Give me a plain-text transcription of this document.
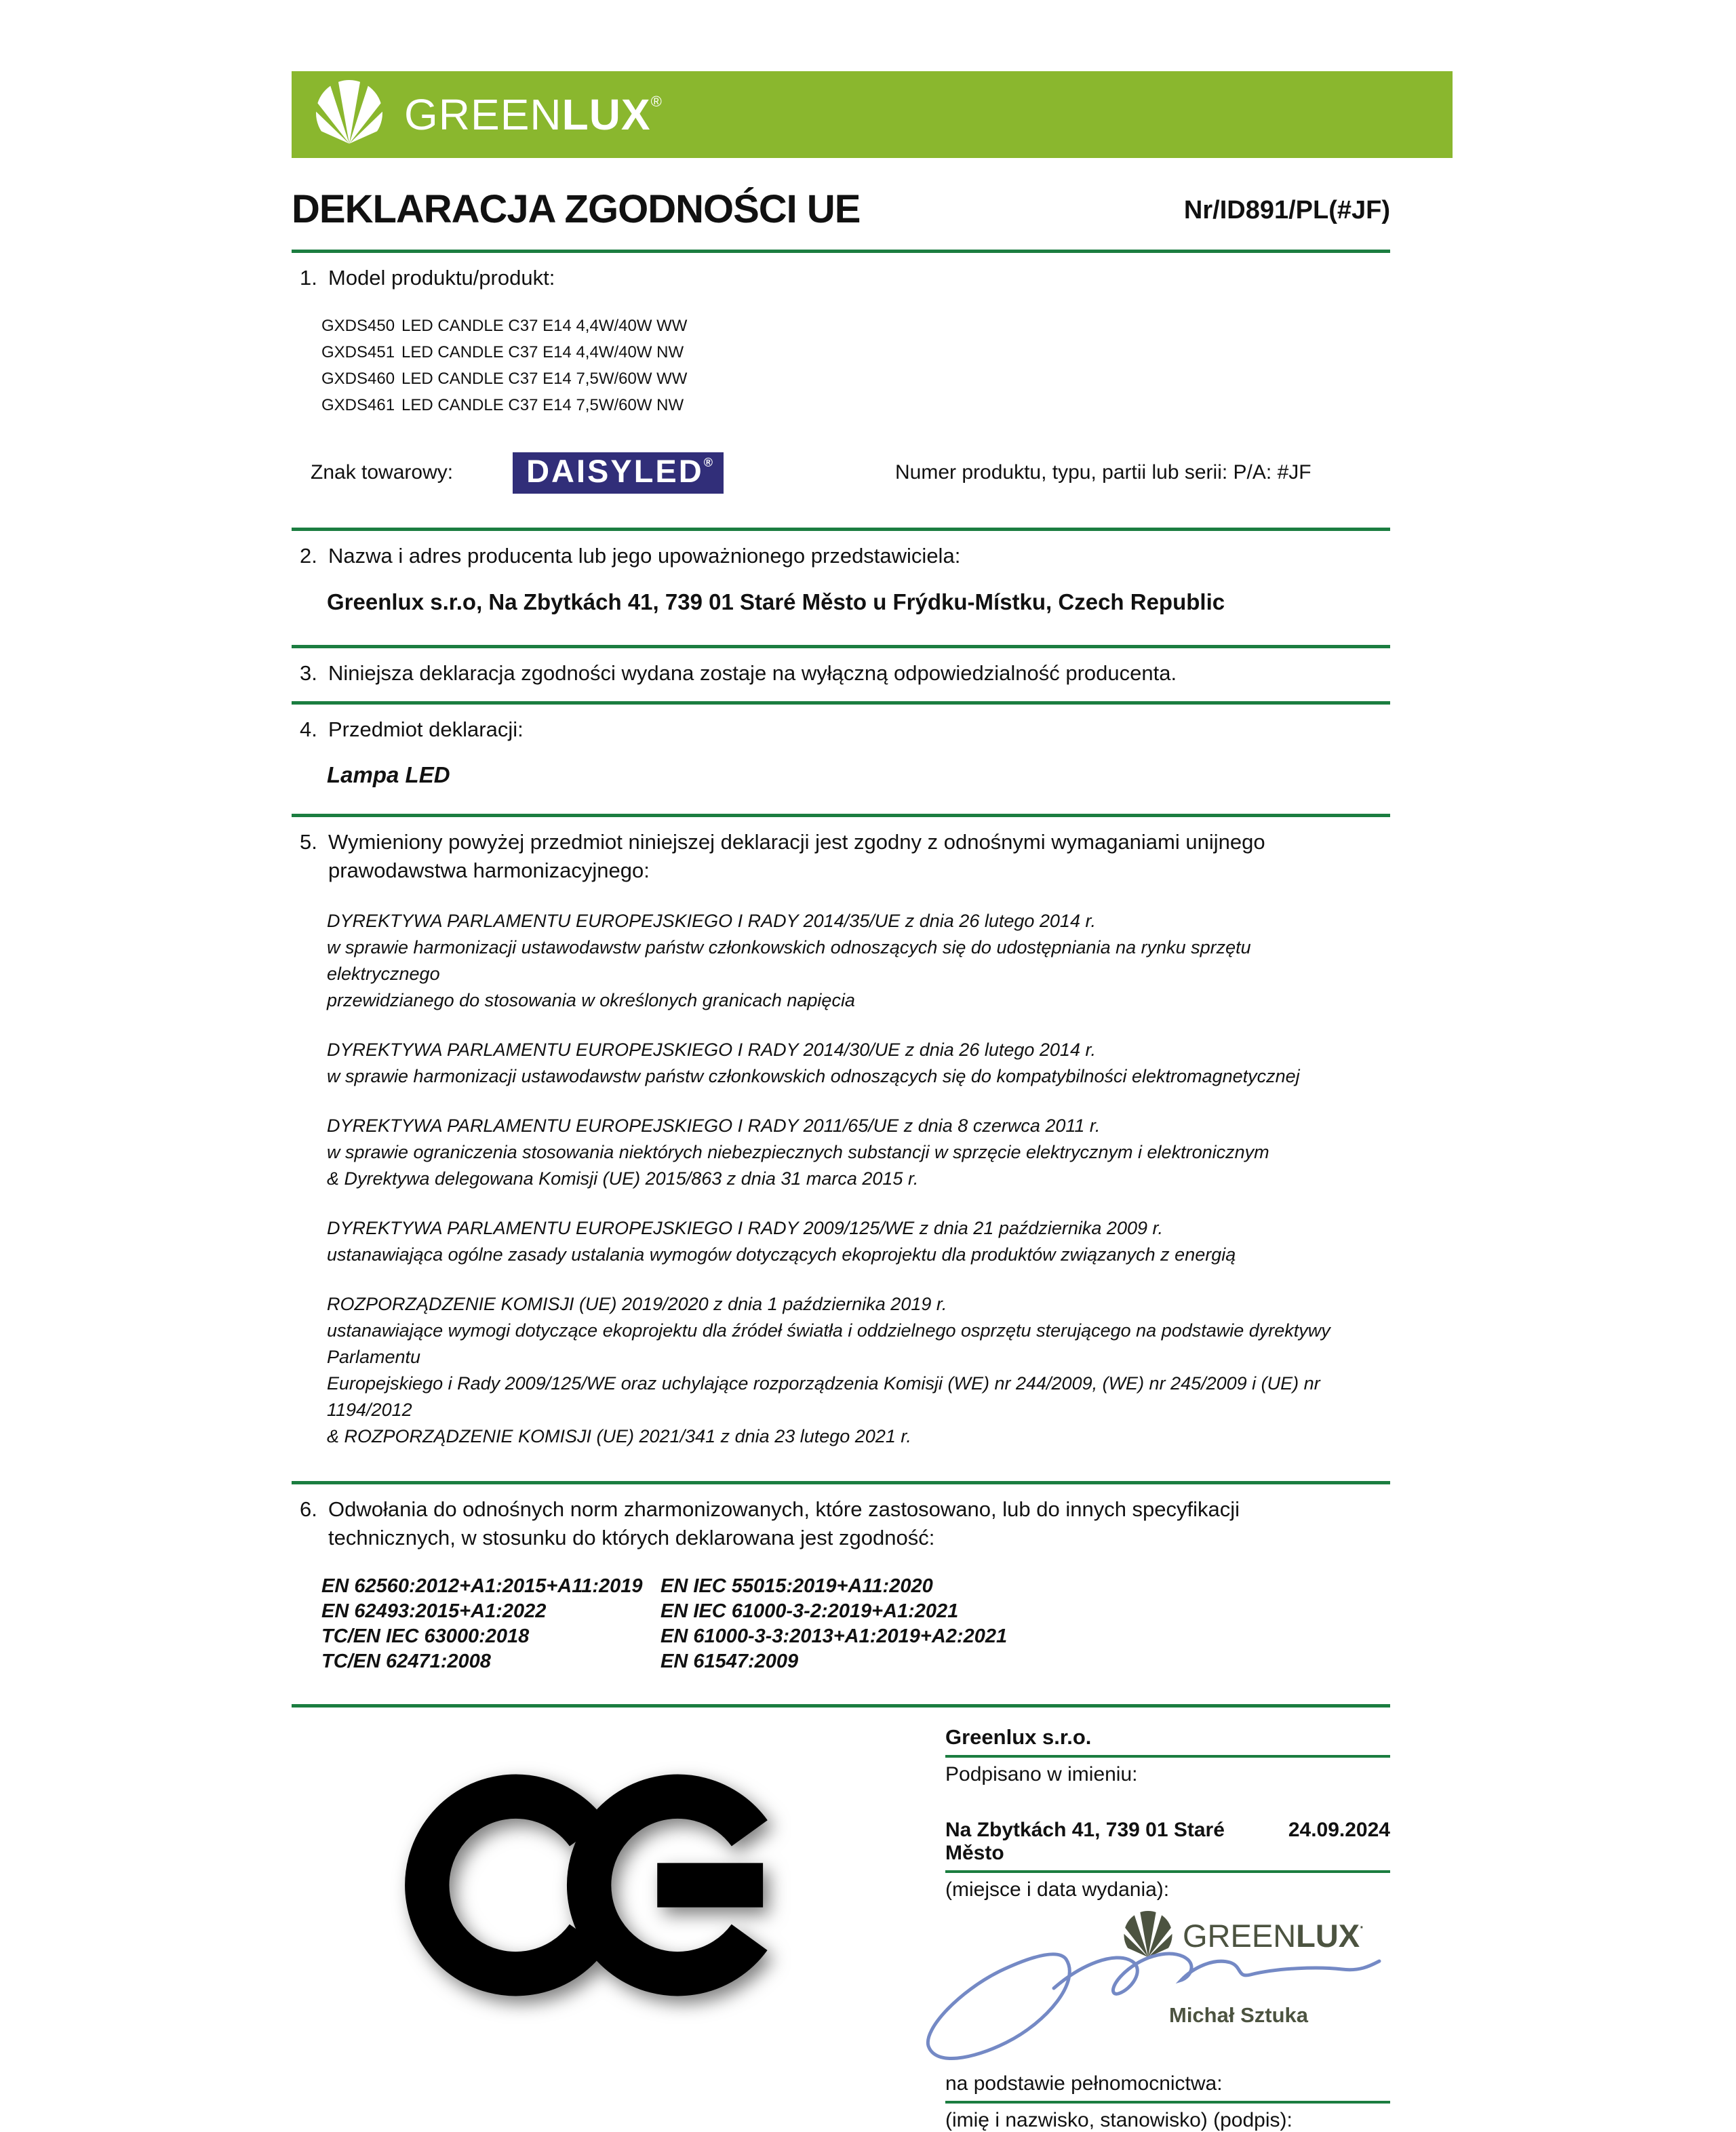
GREEN LUX®
DEKLARACJA ZGODNOŚCI UE	Nr/ID891/PL(#JF)
1. Model produktu/produkt:
GXDS450 LED CANDLE C37 E14 4,4W/40W WW
GXDS451 LED CANDLE C37 E14 4,4W/40W NW
GXDS460 LED CANDLE C37 E14 7,5W/60W WW
GXDS461 LED CANDLE C37 E14 7,5W/60W NW
Znak towarowy: DAISYLED®	Numer produktu, typu, partii lub serii: P/A: #JF
2. Nazwa i adres producenta lub jego upoważnionego przedstawiciela:
Greenlux s.r.o, Na Zbytkách 41, 739 01 Staré Město u Frýdku-Místku, Czech Republic
3. Niniejsza deklaracja zgodności wydana zostaje na wyłączną odpowiedzialność producenta.
4. Przedmiot deklaracji:
Lampa LED
5. Wymieniony powyżej przedmiot niniejszej deklaracji jest zgodny z odnośnymi wymaganiami unijnego prawodawstwa harmonizacyjnego:
DYREKTYWA PARLAMENTU EUROPEJSKIEGO I RADY 2014/35/UE z dnia 26 lutego 2014 r.
w sprawie harmonizacji ustawodawstw państw członkowskich odnoszących się do udostępniania na rynku sprzętu elektrycznego
przewidzianego do stosowania w określonych granicach napięcia
DYREKTYWA PARLAMENTU EUROPEJSKIEGO I RADY 2014/30/UE z dnia 26 lutego 2014 r.
w sprawie harmonizacji ustawodawstw państw członkowskich odnoszących się do kompatybilności elektromagnetycznej
DYREKTYWA PARLAMENTU EUROPEJSKIEGO I RADY 2011/65/UE z dnia 8 czerwca 2011 r.
w sprawie ograniczenia stosowania niektórych niebezpiecznych substancji w sprzęcie elektrycznym i elektronicznym
& Dyrektywa delegowana Komisji (UE) 2015/863 z dnia 31 marca 2015 r.
DYREKTYWA PARLAMENTU EUROPEJSKIEGO I RADY 2009/125/WE z dnia 21 października 2009 r.
ustanawiająca ogólne zasady ustalania wymogów dotyczących ekoprojektu dla produktów związanych z energią
ROZPORZĄDZENIE KOMISJI (UE) 2019/2020 z dnia 1 października 2019 r.
ustanawiające wymogi dotyczące ekoprojektu dla źródeł światła i oddzielnego osprzętu sterującego na podstawie dyrektywy Parlamentu
Europejskiego i Rady 2009/125/WE oraz uchylające rozporządzenia Komisji (WE) nr 244/2009, (WE) nr 245/2009 i (UE) nr 1194/2012
& ROZPORZĄDZENIE KOMISJI (UE) 2021/341 z dnia 23 lutego 2021 r.
6. Odwołania do odnośnych norm zharmonizowanych, które zastosowano, lub do innych specyfikacji technicznych, w stosunku do których deklarowana jest zgodność:
EN 62560:2012+A1:2015+A11:2019 EN IEC 55015:2019+A11:2020
EN 62493:2015+A1:2022	EN IEC 61000-3-2:2019+A1:2021
TC/EN IEC 63000:2018	EN 61000-3-3:2013+A1:2019+A2:2021
TC/EN 62471:2008	EN 61547:2009
Greenlux s.r.o.
Podpisano w imieniu:
Na Zbytkách 41, 739 01 Staré Město
24.09.2024
(miejsce i data wydania):
GREEN LUX·
Michał Sztuka
na podstawie pełnomocnictwa:
(imię i nazwisko, stanowisko) (podpis):
